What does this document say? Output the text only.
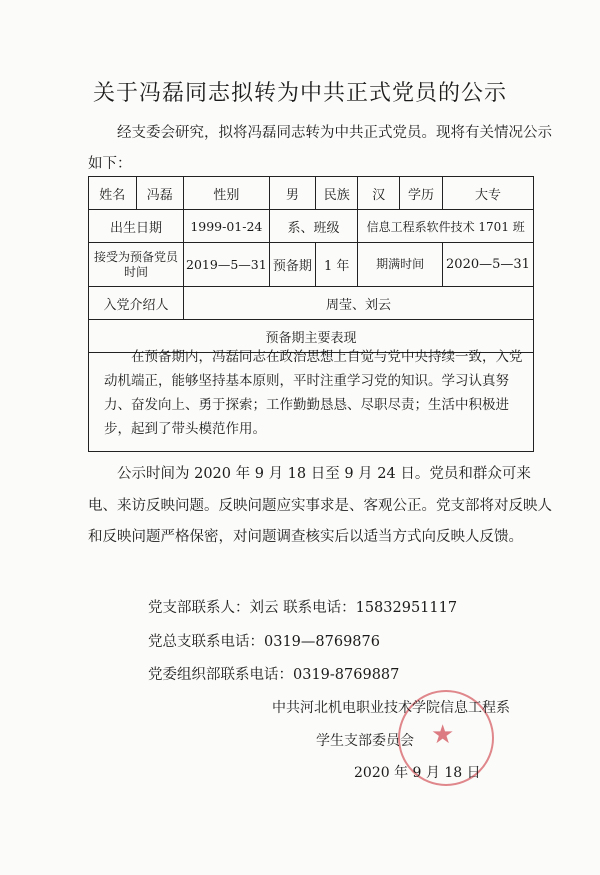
关于冯磊同志拟转为中共正式党员的公示
经支委会研究，拟将冯磊同志转为中共正式党员。现将有关情况公示如下：
姓名	冯磊	性别	男	民族	汉	学历	大专
出生日期		1999-01-24	系、班级		信息工程系软件技术 1701 班		
接受为预备党员时间		2019—5—31	预备期	1 年	期满时间		2020—5—31
入党介绍人		周莹、刘云					
预备期主要表现							
在预备期内，冯磊同志在政治思想上自觉与党中央持续一致，入党动机端正，能够坚持基本原则，平时注重学习党的知识。学习认真努力、奋发向上、勇于探索；工作勤勤恳恳、尽职尽责；生活中积极进步，起到了带头模范作用。
公示时间为 2020 年 9 月 18 日至 9 月 24 日。党员和群众可来电、来访反映问题。反映问题应实事求是、客观公正。党支部将对反映人和反映问题严格保密，对问题调查核实后以适当方式向反映人反馈。
党支部联系人：刘云 联系电话：15832951117
党总支联系电话：0319—8769876
党委组织部联系电话：0319-8769887
★
中共河北机电职业技术学院信息工程系
学生支部委员会
2020 年 9 月 18 日
